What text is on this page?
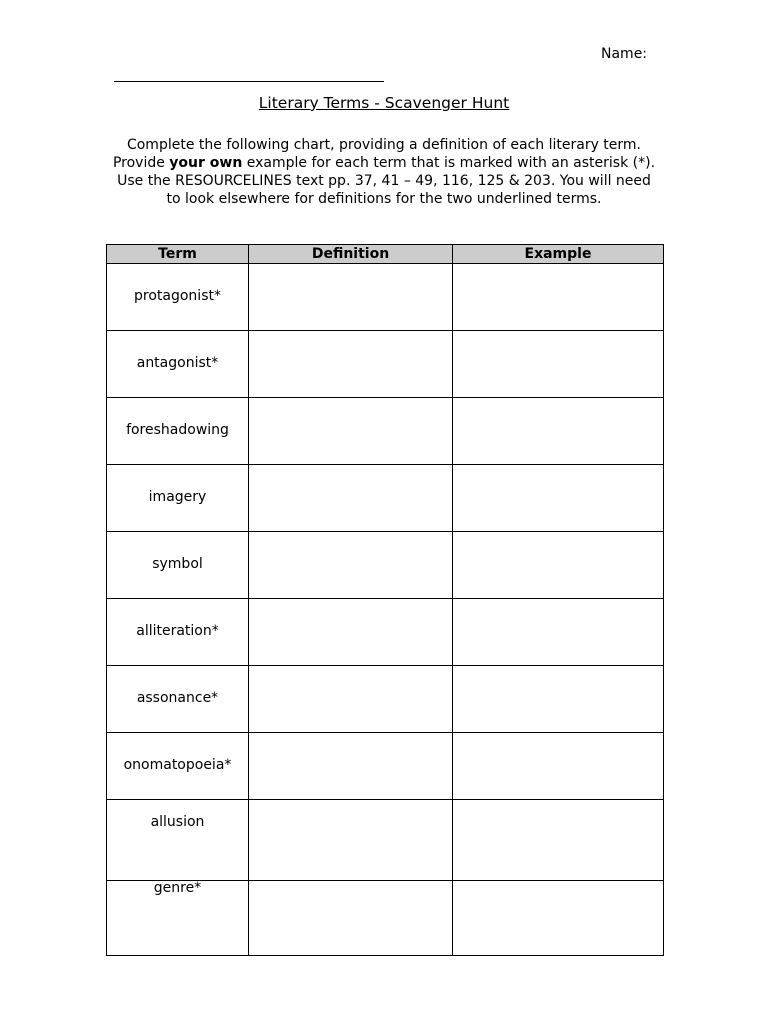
Name:
Literary Terms - Scavenger Hunt
Complete the following chart, providing a definition of each literary term. Provide your own example for each term that is marked with an asterisk (*). Use the RESOURCELINES text pp. 37, 41 – 49, 116, 125 & 203. You will need to look elsewhere for definitions for the two underlined terms.
Term	Definition	Example
protagonist*		
antagonist*		
foreshadowing		
imagery		
symbol		
alliteration*		
assonance*		
onomatopoeia*		
allusion		
genre*		
